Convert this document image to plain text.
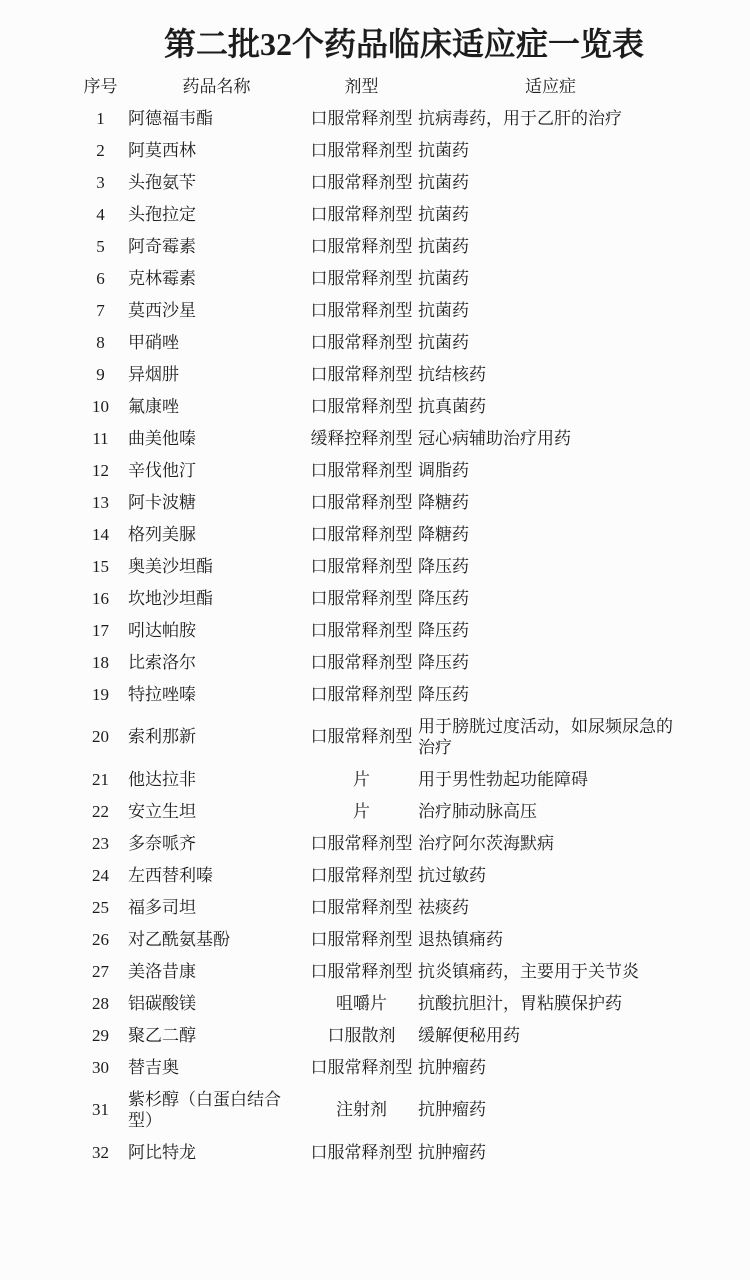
第二批32个药品临床适应症一览表
序号	药品名称	剂型	适应症
1	阿德福韦酯	口服常释剂型	抗病毒药，用于乙肝的治疗
2	阿莫西林	口服常释剂型	抗菌药
3	头孢氨苄	口服常释剂型	抗菌药
4	头孢拉定	口服常释剂型	抗菌药
5	阿奇霉素	口服常释剂型	抗菌药
6	克林霉素	口服常释剂型	抗菌药
7	莫西沙星	口服常释剂型	抗菌药
8	甲硝唑	口服常释剂型	抗菌药
9	异烟肼	口服常释剂型	抗结核药
10	氟康唑	口服常释剂型	抗真菌药
11	曲美他嗪	缓释控释剂型	冠心病辅助治疗用药
12	辛伐他汀	口服常释剂型	调脂药
13	阿卡波糖	口服常释剂型	降糖药
14	格列美脲	口服常释剂型	降糖药
15	奥美沙坦酯	口服常释剂型	降压药
16	坎地沙坦酯	口服常释剂型	降压药
17	吲达帕胺	口服常释剂型	降压药
18	比索洛尔	口服常释剂型	降压药
19	特拉唑嗪	口服常释剂型	降压药
20	索利那新	口服常释剂型	用于膀胱过度活动，如尿频尿急的治疗
21	他达拉非	片	用于男性勃起功能障碍
22	安立生坦	片	治疗肺动脉高压
23	多奈哌齐	口服常释剂型	治疗阿尔茨海默病
24	左西替利嗪	口服常释剂型	抗过敏药
25	福多司坦	口服常释剂型	祛痰药
26	对乙酰氨基酚	口服常释剂型	退热镇痛药
27	美洛昔康	口服常释剂型	抗炎镇痛药，主要用于关节炎
28	铝碳酸镁	咀嚼片	抗酸抗胆汁，胃粘膜保护药
29	聚乙二醇	口服散剂	缓解便秘用药
30	替吉奥	口服常释剂型	抗肿瘤药
31	紫杉醇（白蛋白结合型）	注射剂	抗肿瘤药
32	阿比特龙	口服常释剂型	抗肿瘤药
